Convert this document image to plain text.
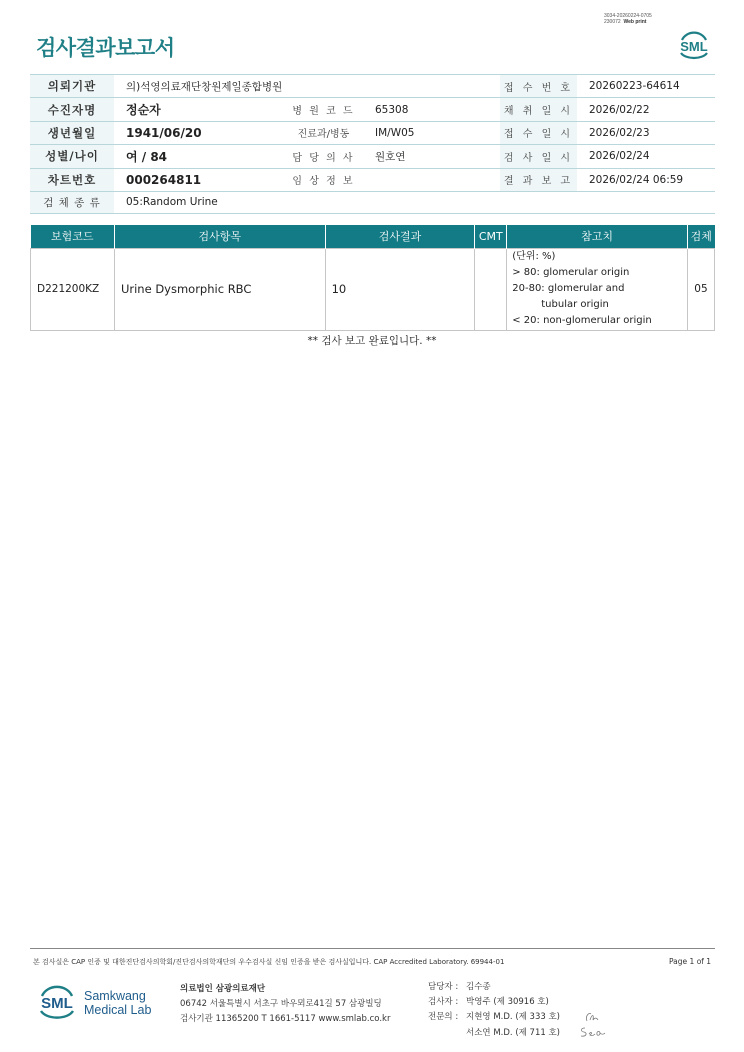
3034-20260224-0705
230072 Web print
검사결과보고서	SML
의뢰기관	의)석영의료재단창원제일종합병원			접 수 번 호	20260223-64614
수진자명	정순자	병 원 코 드	65308	채 취 일 시	2026/02/22
생년월일	1941/06/20	진료과/병동	IM/W05	접 수 일 시	2026/02/23
성별/나이	여 / 84	담 당 의 사	원호연	검 사 일 시	2026/02/24
차트번호	000264811	임 상 정 보		결 과 보 고	2026/02/24 06:59
검 체 종 류	05:Random Urine				
보험코드	검사항목	검사결과	CMT	참고치	검체
D221200KZ	Urine Dysmorphic RBC	10		(단위: %)
> 80: glomerular origin
20-80: glomerular and
tubular origin
< 20: non-glomerular origin	05
** 검사 보고 완료입니다. **
본 검사실은 CAP 인증 및 대한진단검사의학회/진단검사의학재단의 우수검사실 신임 인증을 받은 검사실입니다. CAP Accredited Laboratory. 69944-01	Page 1 of 1
SML Samkwang
Medical Lab
의료법인 삼광의료재단
06742 서울특별시 서초구 바우뫼로41길 57 삼광빌딩
검사기관 11365200 T 1661-5117 www.smlab.co.kr
담당자 : 김수종
검사자 : 박영주 (제 30916 호)
전문의 : 지현영 M.D. (제 333 호)
서소연 M.D. (제 711 호)
